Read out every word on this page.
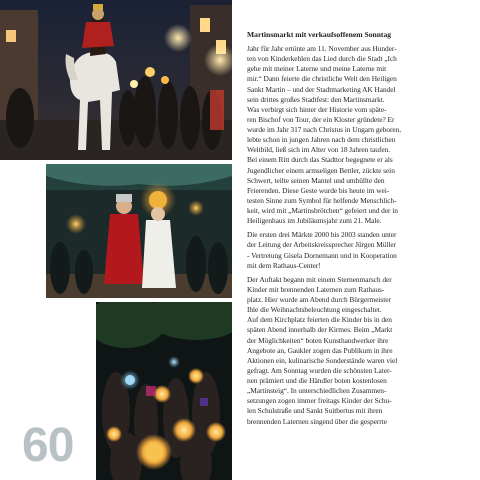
60
Martinsmarkt mit verkaufsoffenem Sonntag
Jahr für Jahr ertönte am 11. November aus Hunder-
ten von Kinderkehlen das Lied durch die Stadt „Ich
gehe mit meiner Laterne und meine Laterne mit
mir.“ Dann feierte die christliche Welt den Heiligen
Sankt Martin – und der Stadtmarketing AK Handel
sein drittes großes Stadtfest: den Martinsmarkt.
Was verbirgt sich hinter der Historie vom späte-
ren Bischof von Tour, der ein Kloster gründete? Er
wurde im Jahr 317 nach Christus in Ungarn geboren,
lebte schon in jungen Jahren nach dem christlichen
Weltbild, ließ sich im Alter von 18 Jahren taufen.
Bei einem Ritt durch das Stadttor begegnete er als
Jugendlicher einem armseligen Bettler, zückte sein
Schwert, teilte seinen Mantel und umhüllte den
Frierenden. Diese Geste wurde bis heute im wei-
testen Sinne zum Symbol für helfende Menschlich-
keit, wird mit „Martinsbrötchen“ gefeiert und der in
Heiligenhaus im Jubiläumsjahr zum 21. Male.
Die ersten drei Märkte 2000 bis 2003 standen unter
der Leitung der Arbeitskreissprecher Jürgen Müller
- Vertretung Gisela Dornemann und in Kooperation
mit dem Rathaus-Center!
Der Auftakt begann mit einem Sternenmarsch der
Kinder mit brennenden Laternen zum Rathaus-
platz. Hier wurde am Abend durch Bürgermeister
Ihle die Weihnachtsbeleuchtung eingeschaltet.
Auf dem Kirchplatz feierten die Kinder bis in den
späten Abend innerhalb der Kirmes. Beim „Markt
der Möglichkeiten“ boten Kunsthandwerker ihre
Angebote an, Gaukler zogen das Publikum in ihre
Aktionen ein, kulinarische Sonderstände waren viel
gefragt. Am Sonntag wurden die schönsten Later-
nen prämiert und die Händler boten kostenlosen
„Martinsteig“. In unterschiedlichen Zusammen-
setzungen zogen immer freitags Kinder der Schu-
len Schulstraße und Sankt Suitbertus mit ihren
brennenden Laternen singend über die gesperrte
